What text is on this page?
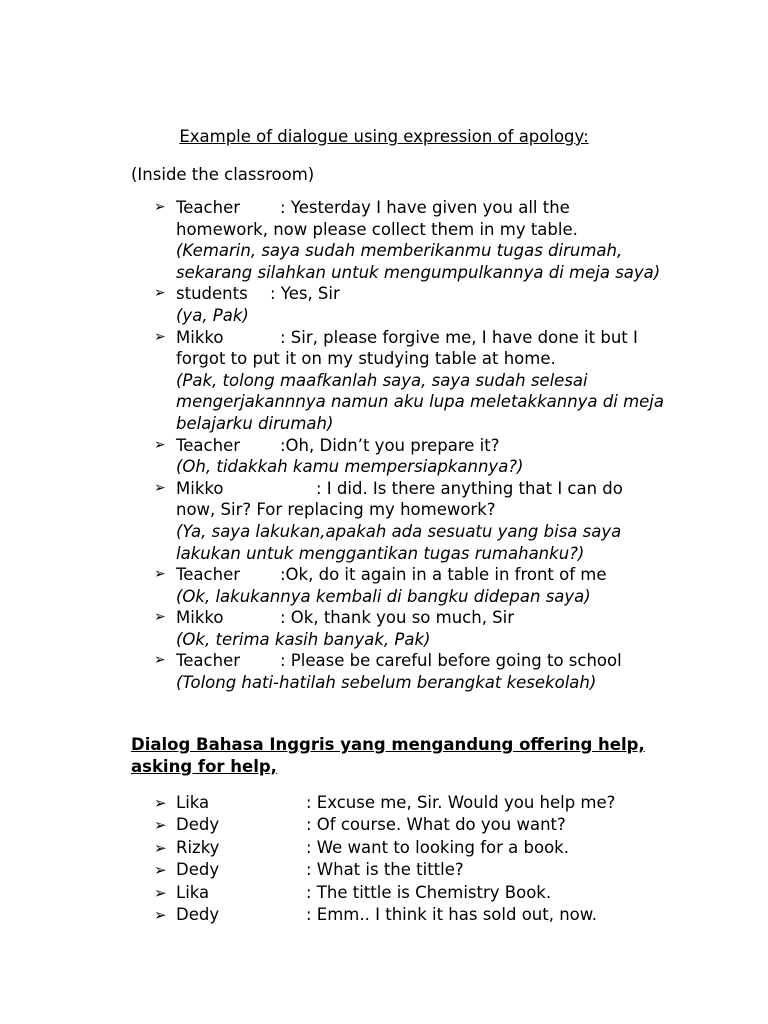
Example of dialogue using expression of apology:
(Inside the classroom)
➢ Teacher : Yesterday I have given you all the homework, now please collect them in my table.
(Kemarin, saya sudah memberikanmu tugas dirumah, sekarang silahkan untuk mengumpulkannya di meja saya)
➢ students : Yes, Sir
(ya, Pak)
➢ Mikko	: Sir, please forgive me, I have done it but I forgot to put it on my studying table at home.
(Pak, tolong maafkanlah saya, saya sudah selesai mengerjakannnya namun aku lupa meletakkannya di meja belajarku dirumah)
➢ Teacher :Oh, Didn’t you prepare it?
(Oh, tidakkah kamu mempersiapkannya?)
➢ Mikko	: I did. Is there anything that I can do now, Sir? For replacing my homework?
(Ya, saya lakukan,apakah ada sesuatu yang bisa saya lakukan untuk menggantikan tugas rumahanku?)
➢ Teacher :Ok, do it again in a table in front of me
(Ok, lakukannya kembali di bangku didepan saya)
➢ Mikko	: Ok, thank you so much, Sir
(Ok, terima kasih banyak, Pak)
➢ Teacher : Please be careful before going to school
(Tolong hati-hatilah sebelum berangkat kesekolah)
Dialog Bahasa Inggris yang mengandung offering help, asking for help,
➢ Lika	: Excuse me, Sir. Would you help me?
➢ Dedy	: Of course. What do you want?
➢ Rizky	: We want to looking for a book.
➢ Dedy	: What is the tittle?
➢ Lika	: The tittle is Chemistry Book.
➢ Dedy	: Emm.. I think it has sold out, now.
